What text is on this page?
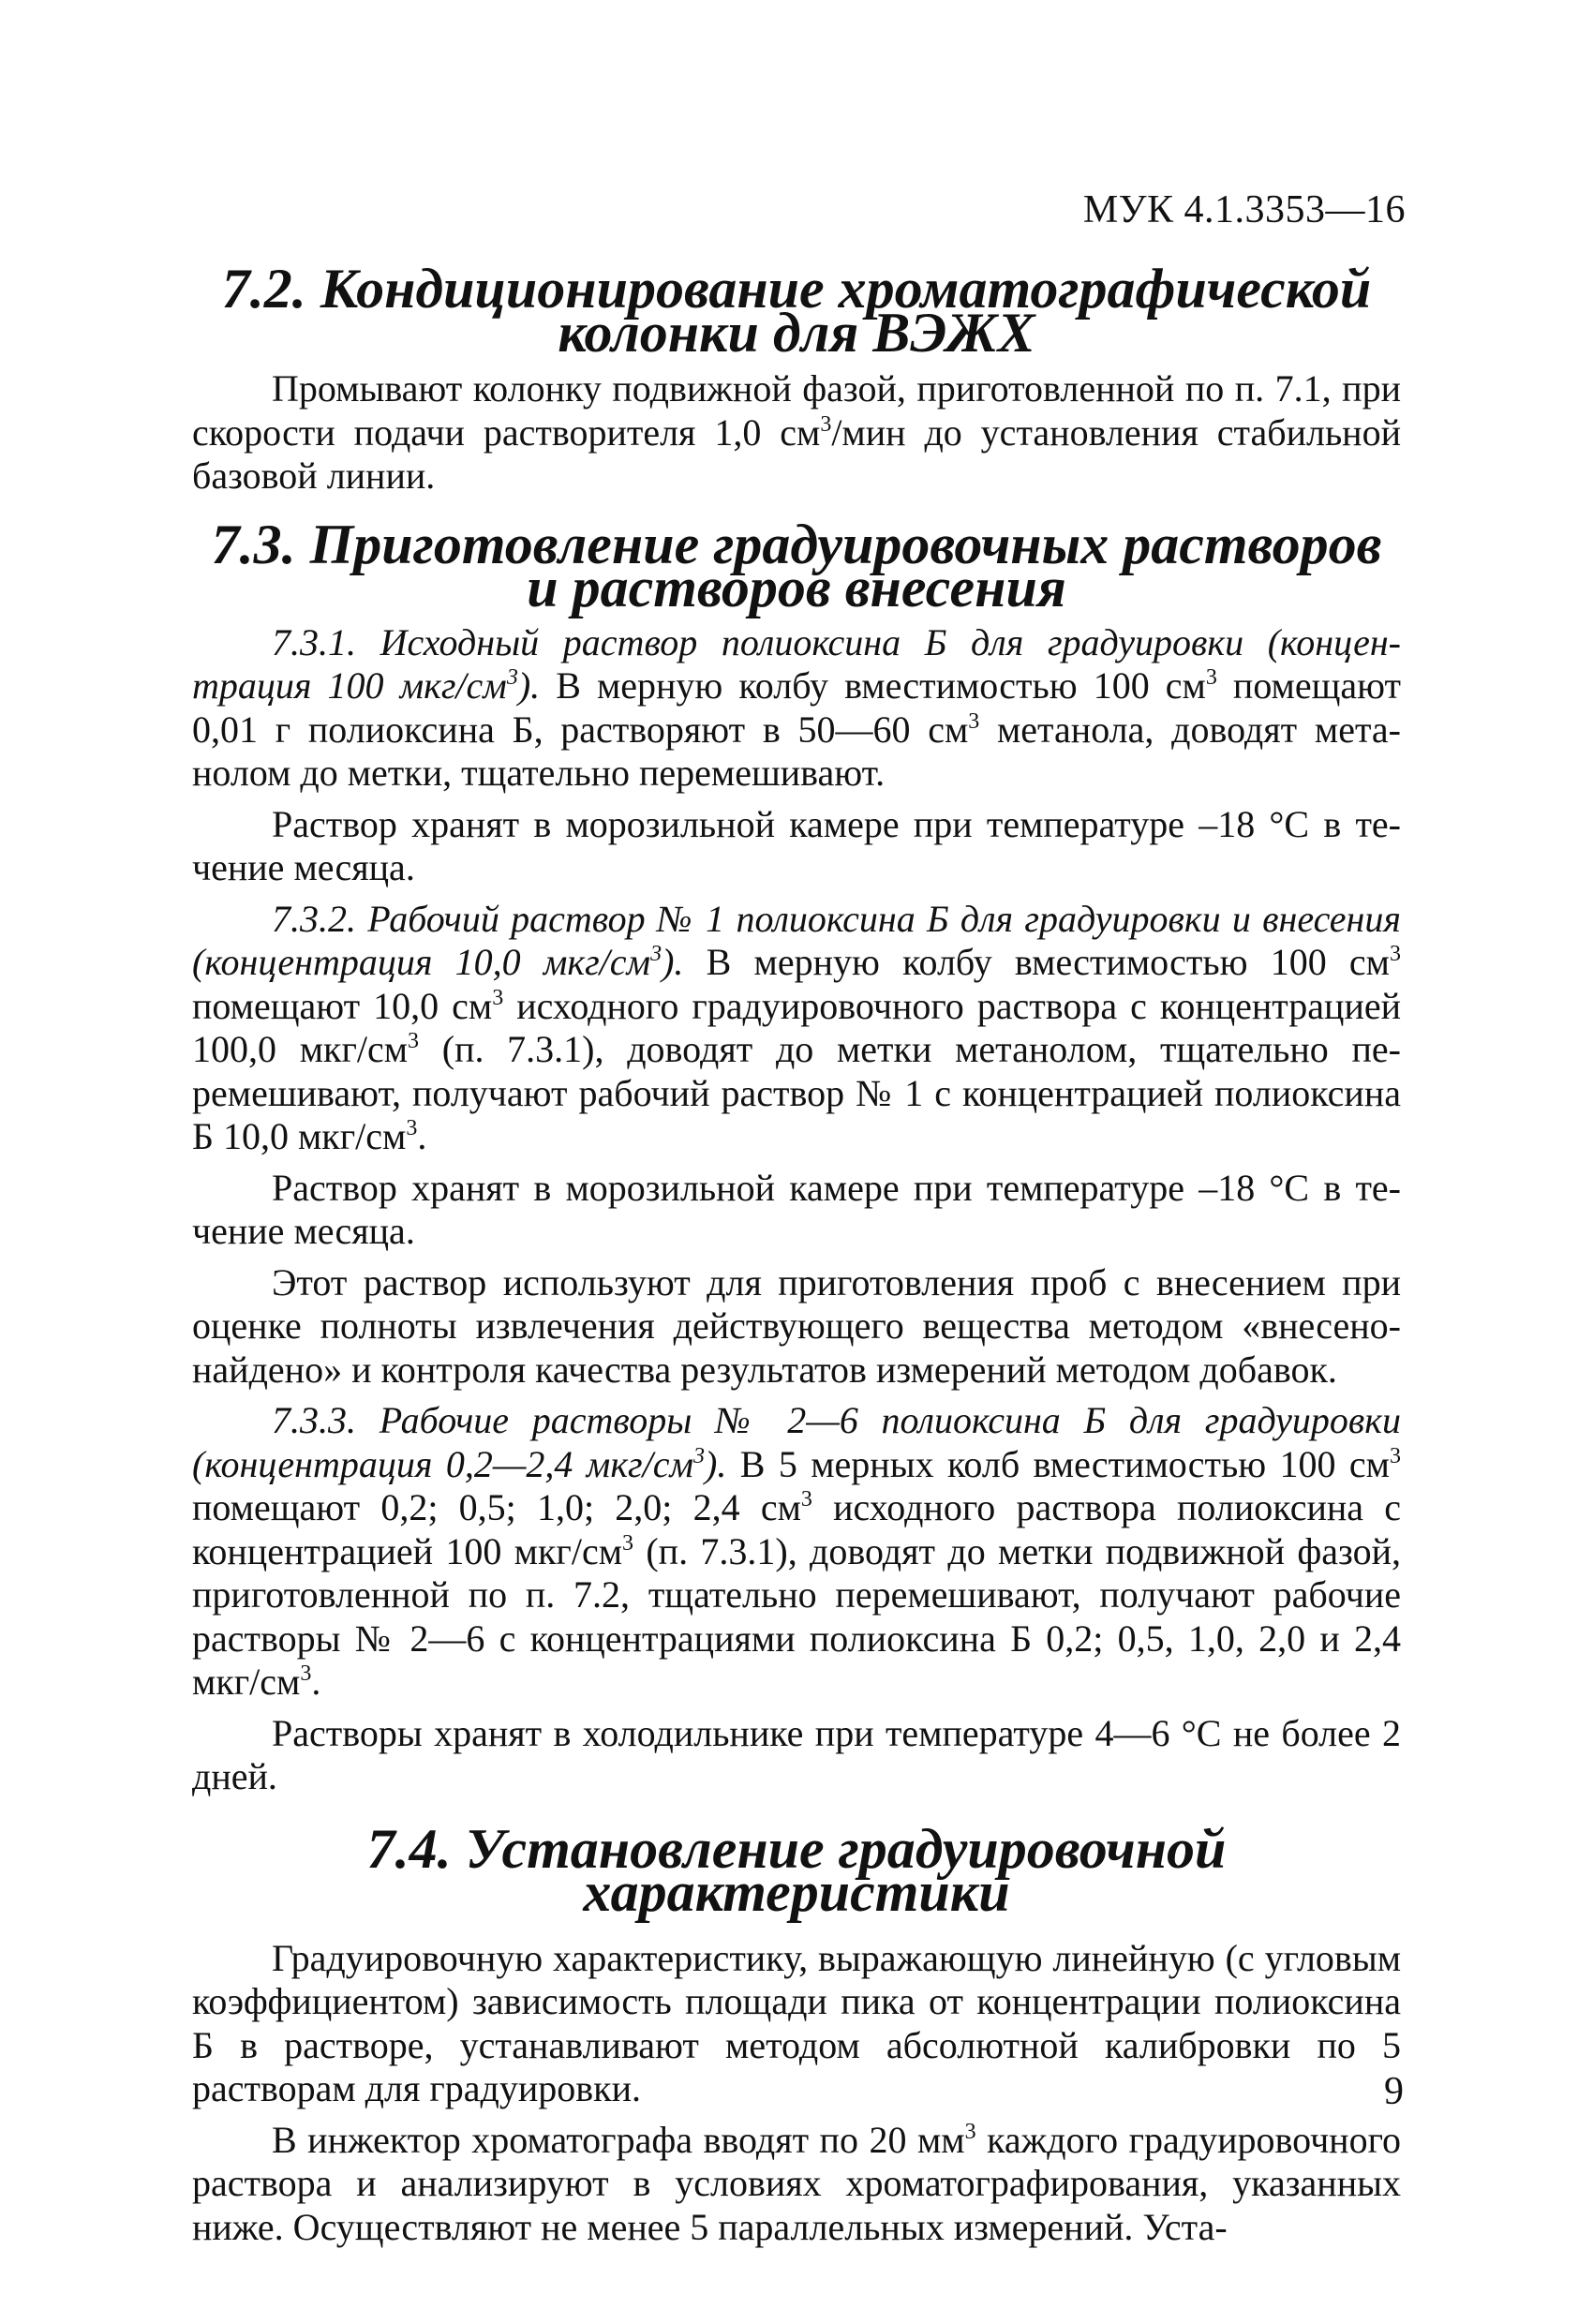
МУК 4.1.3353—16
7.2. Кондиционирование хроматографической колонки для ВЭЖХ

Промывают колонку подвижной фазой, приготовленной по п. 7.1, при скорости подачи растворителя 1,0 $см^3$/мин до установления стабильной базовой линии.

7.3. Приготовление градуировочных растворов и растворов внесения

7.3.1. Исходный раствор полиоксина Б для градуировки (концентрация 100 мкг/$см^3$). В мерную колбу вместимостью 100 $см^3$ помещают 0,01 г полиоксина Б, растворяют в 50—60 $см^3$ метанола, доводят метанолом до метки, тщательно перемешивают.

Раствор хранят в морозильной камере при температуре –18 °С в течение месяца.

7.3.2. Рабочий раствор № 1 полиоксина Б для градуировки и внесения (концентрация 10,0 мкг/$см^3$). В мерную колбу вместимостью 100 $см^3$ помещают 10,0 $см^3$ исходного градуировочного раствора с концентрацией 100,0 мкг/$см^3$ (п. 7.3.1), доводят до метки метанолом, тщательно перемешивают, получают рабочий раствор № 1 с концентрацией полиоксина Б 10,0 мкг/$см^3$.

Раствор хранят в морозильной камере при температуре –18 °С в течение месяца.

Этот раствор используют для приготовления проб с внесением при оценке полноты извлечения действующего вещества методом «внесено-найдено» и контроля качества результатов измерений методом добавок.

7.3.3. Рабочие растворы № 2—6 полиоксина Б для градуировки (концентрация 0,2—2,4 мкг/$см^3$). В 5 мерных колб вместимостью 100 $см^3$ помещают 0,2; 0,5; 1,0; 2,0; 2,4 $см^3$ исходного раствора полиоксина с концентрацией 100 мкг/$см^3$ (п. 7.3.1), доводят до метки подвижной фазой, приготовленной по п. 7.2, тщательно перемешивают, получают рабочие растворы № 2—6 с концентрациями полиоксина Б 0,2; 0,5, 1,0, 2,0 и 2,4 мкг/$см^3$.

Растворы хранят в холодильнике при температуре 4—6 °С не более 2 дней.

7.4. Установление градуировочной характеристики

Градуировочную характеристику, выражающую линейную (с угловым коэффициентом) зависимость площади пика от концентрации полиоксина Б в растворе, устанавливают методом абсолютной калибровки по 5 растворам для градуировки.

В инжектор хроматографа вводят по 20 $мм^3$ каждого градуировочного раствора и анализируют в условиях хроматографирования, указанных ниже. Осуществляют не менее 5 параллельных измерений. Уста-

9
